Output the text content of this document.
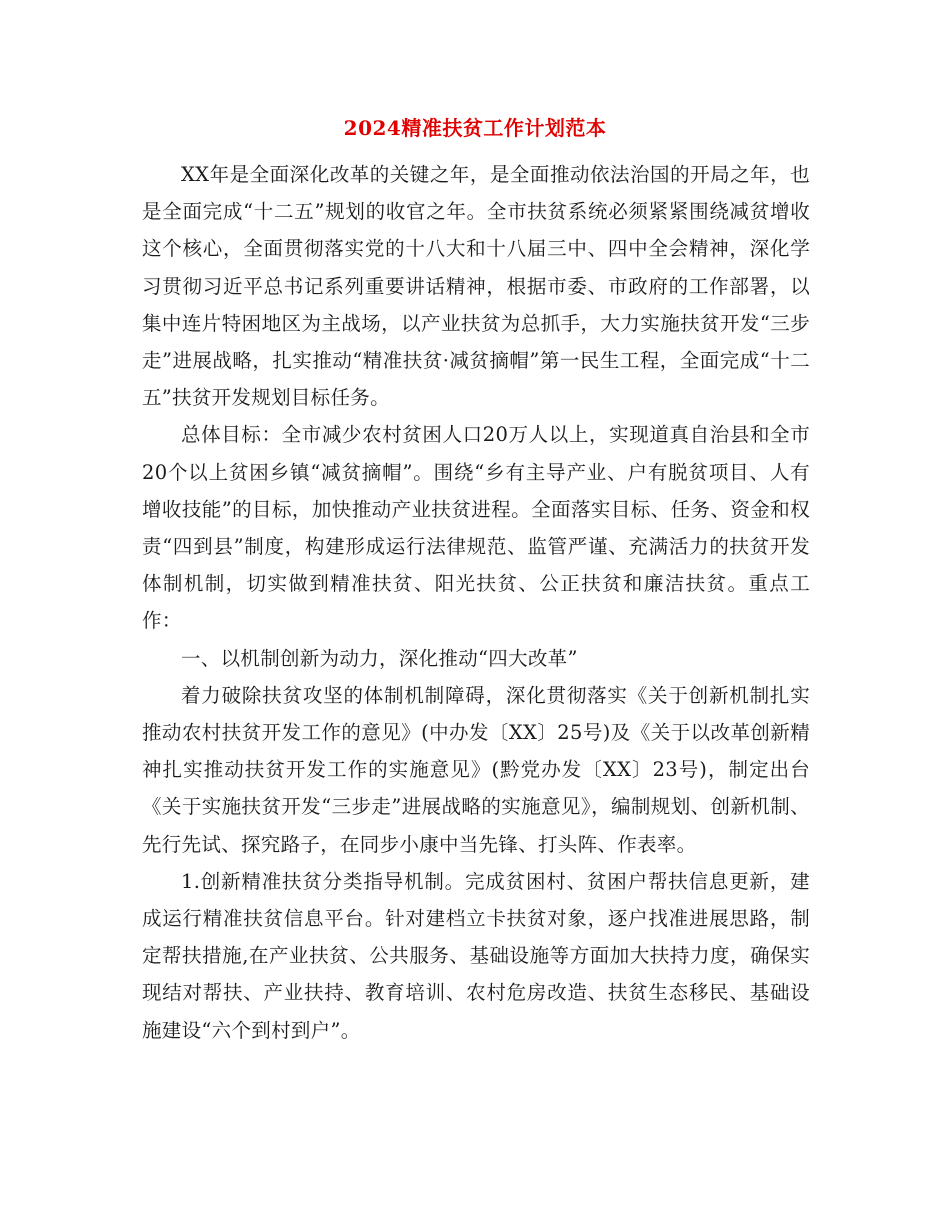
2024精准扶贫工作计划范本

XX年是全面深化改革的关键之年，是全面推动依法治国的开局之年，也是全面完成“十二五”规划的收官之年。全市扶贫系统必须紧紧围绕减贫增收这个核心，全面贯彻落实党的十八大和十八届三中、四中全会精神，深化学习贯彻习近平总书记系列重要讲话精神，根据市委、市政府的工作部署，以集中连片特困地区为主战场，以产业扶贫为总抓手，大力实施扶贫开发“三步走”进展战略，扎实推动“精准扶贫·减贫摘帽”第一民生工程，全面完成“十二五”扶贫开发规划目标任务。

总体目标：全市减少农村贫困人口20万人以上，实现道真自治县和全市20个以上贫困乡镇“减贫摘帽”。围绕“乡有主导产业、户有脱贫项目、人有增收技能”的目标，加快推动产业扶贫进程。全面落实目标、任务、资金和权责“四到县”制度，构建形成运行法律规范、监管严谨、充满活力的扶贫开发体制机制，切实做到精准扶贫、阳光扶贫、公正扶贫和廉洁扶贫。重点工作：

一、以机制创新为动力，深化推动“四大改革”

着力破除扶贫攻坚的体制机制障碍，深化贯彻落实《关于创新机制扎实推动农村扶贫开发工作的意见》(中办发〔XX〕25号)及《关于以改革创新精神扎实推动扶贫开发工作的实施意见》(黔党办发〔XX〕23号)，制定出台《关于实施扶贫开发“三步走”进展战略的实施意见》，编制规划、创新机制、先行先试、探究路子，在同步小康中当先锋、打头阵、作表率。

1.创新精准扶贫分类指导机制。完成贫困村、贫困户帮扶信息更新，建成运行精准扶贫信息平台。针对建档立卡扶贫对象，逐户找准进展思路，制定帮扶措施,在产业扶贫、公共服务、基础设施等方面加大扶持力度，确保实现结对帮扶、产业扶持、教育培训、农村危房改造、扶贫生态移民、基础设施建设“六个到村到户”。
